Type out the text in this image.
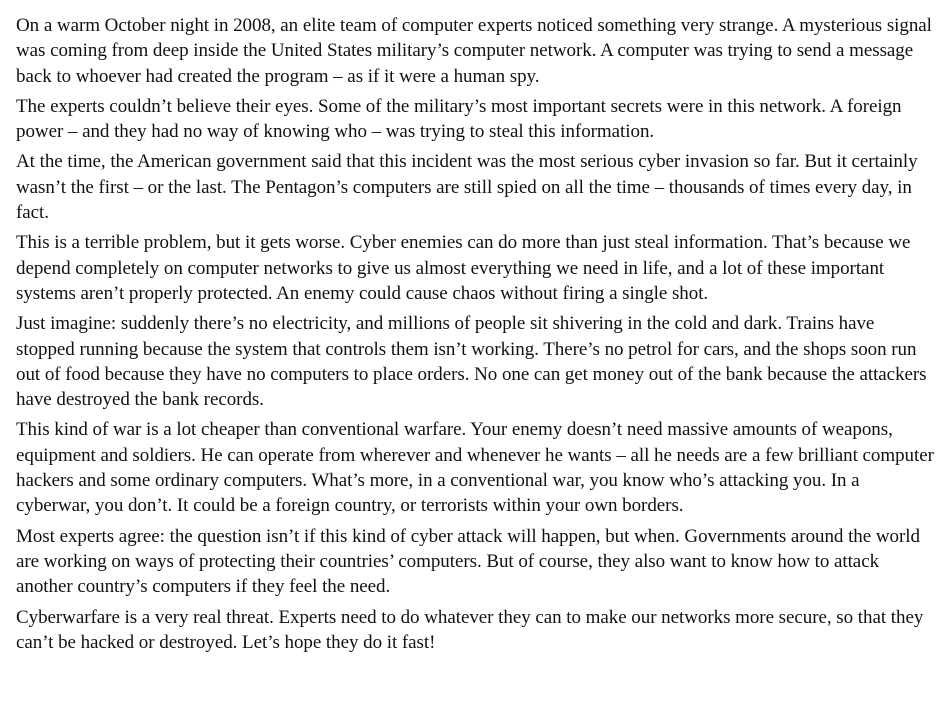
On a warm October night in 2008, an elite team of computer experts noticed something very strange. A mysterious signal was coming from deep inside the United States military’s computer network. A computer was trying to send a message back to whoever had created the program – as if it were a human spy.

The experts couldn’t believe their eyes. Some of the military’s most important secrets were in this network. A foreign power – and they had no way of knowing who – was trying to steal this information.

At the time, the American government said that this incident was the most serious cyber invasion so far. But it certainly wasn’t the first – or the last. The Pentagon’s computers are still spied on all the time – thousands of times every day, in fact.

This is a terrible problem, but it gets worse. Cyber enemies can do more than just steal information. That’s because we depend completely on computer networks to give us almost everything we need in life, and a lot of these important systems aren’t properly protected. An enemy could cause chaos without firing a single shot.

Just imagine: suddenly there’s no electricity, and millions of people sit shivering in the cold and dark. Trains have stopped running because the system that controls them isn’t working. There’s no petrol for cars, and the shops soon run out of food because they have no computers to place orders. No one can get money out of the bank because the attackers have destroyed the bank records.

This kind of war is a lot cheaper than conventional warfare. Your enemy doesn’t need massive amounts of weapons, equipment and soldiers. He can operate from wherever and whenever he wants – all he needs are a few brilliant computer hackers and some ordinary computers. What’s more, in a conventional war, you know who’s attacking you. In a cyberwar, you don’t. It could be a foreign country, or terrorists within your own borders.

Most experts agree: the question isn’t if this kind of cyber attack will happen, but when. Governments around the world are working on ways of protecting their countries’ computers. But of course, they also want to know how to attack another country’s computers if they feel the need.

Cyberwarfare is a very real threat. Experts need to do whatever they can to make our networks more secure, so that they can’t be hacked or destroyed. Let’s hope they do it fast!
